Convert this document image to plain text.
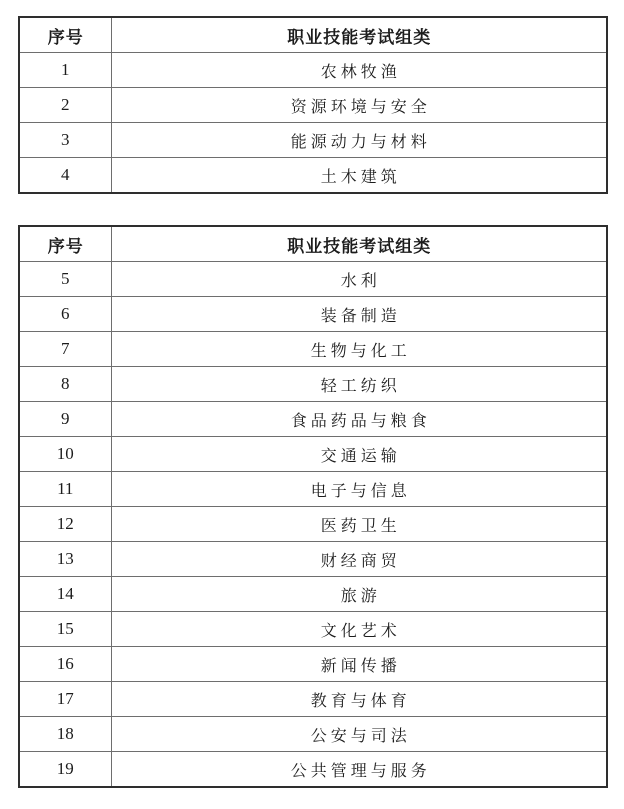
序号	职业技能考试组类
1	农林牧渔
2	资源环境与安全
3	能源动力与材料
4	土木建筑
序号	职业技能考试组类
5	水利
6	装备制造
7	生物与化工
8	轻工纺织
9	食品药品与粮食
10	交通运输
11	电子与信息
12	医药卫生
13	财经商贸
14	旅游
15	文化艺术
16	新闻传播
17	教育与体育
18	公安与司法
19	公共管理与服务
